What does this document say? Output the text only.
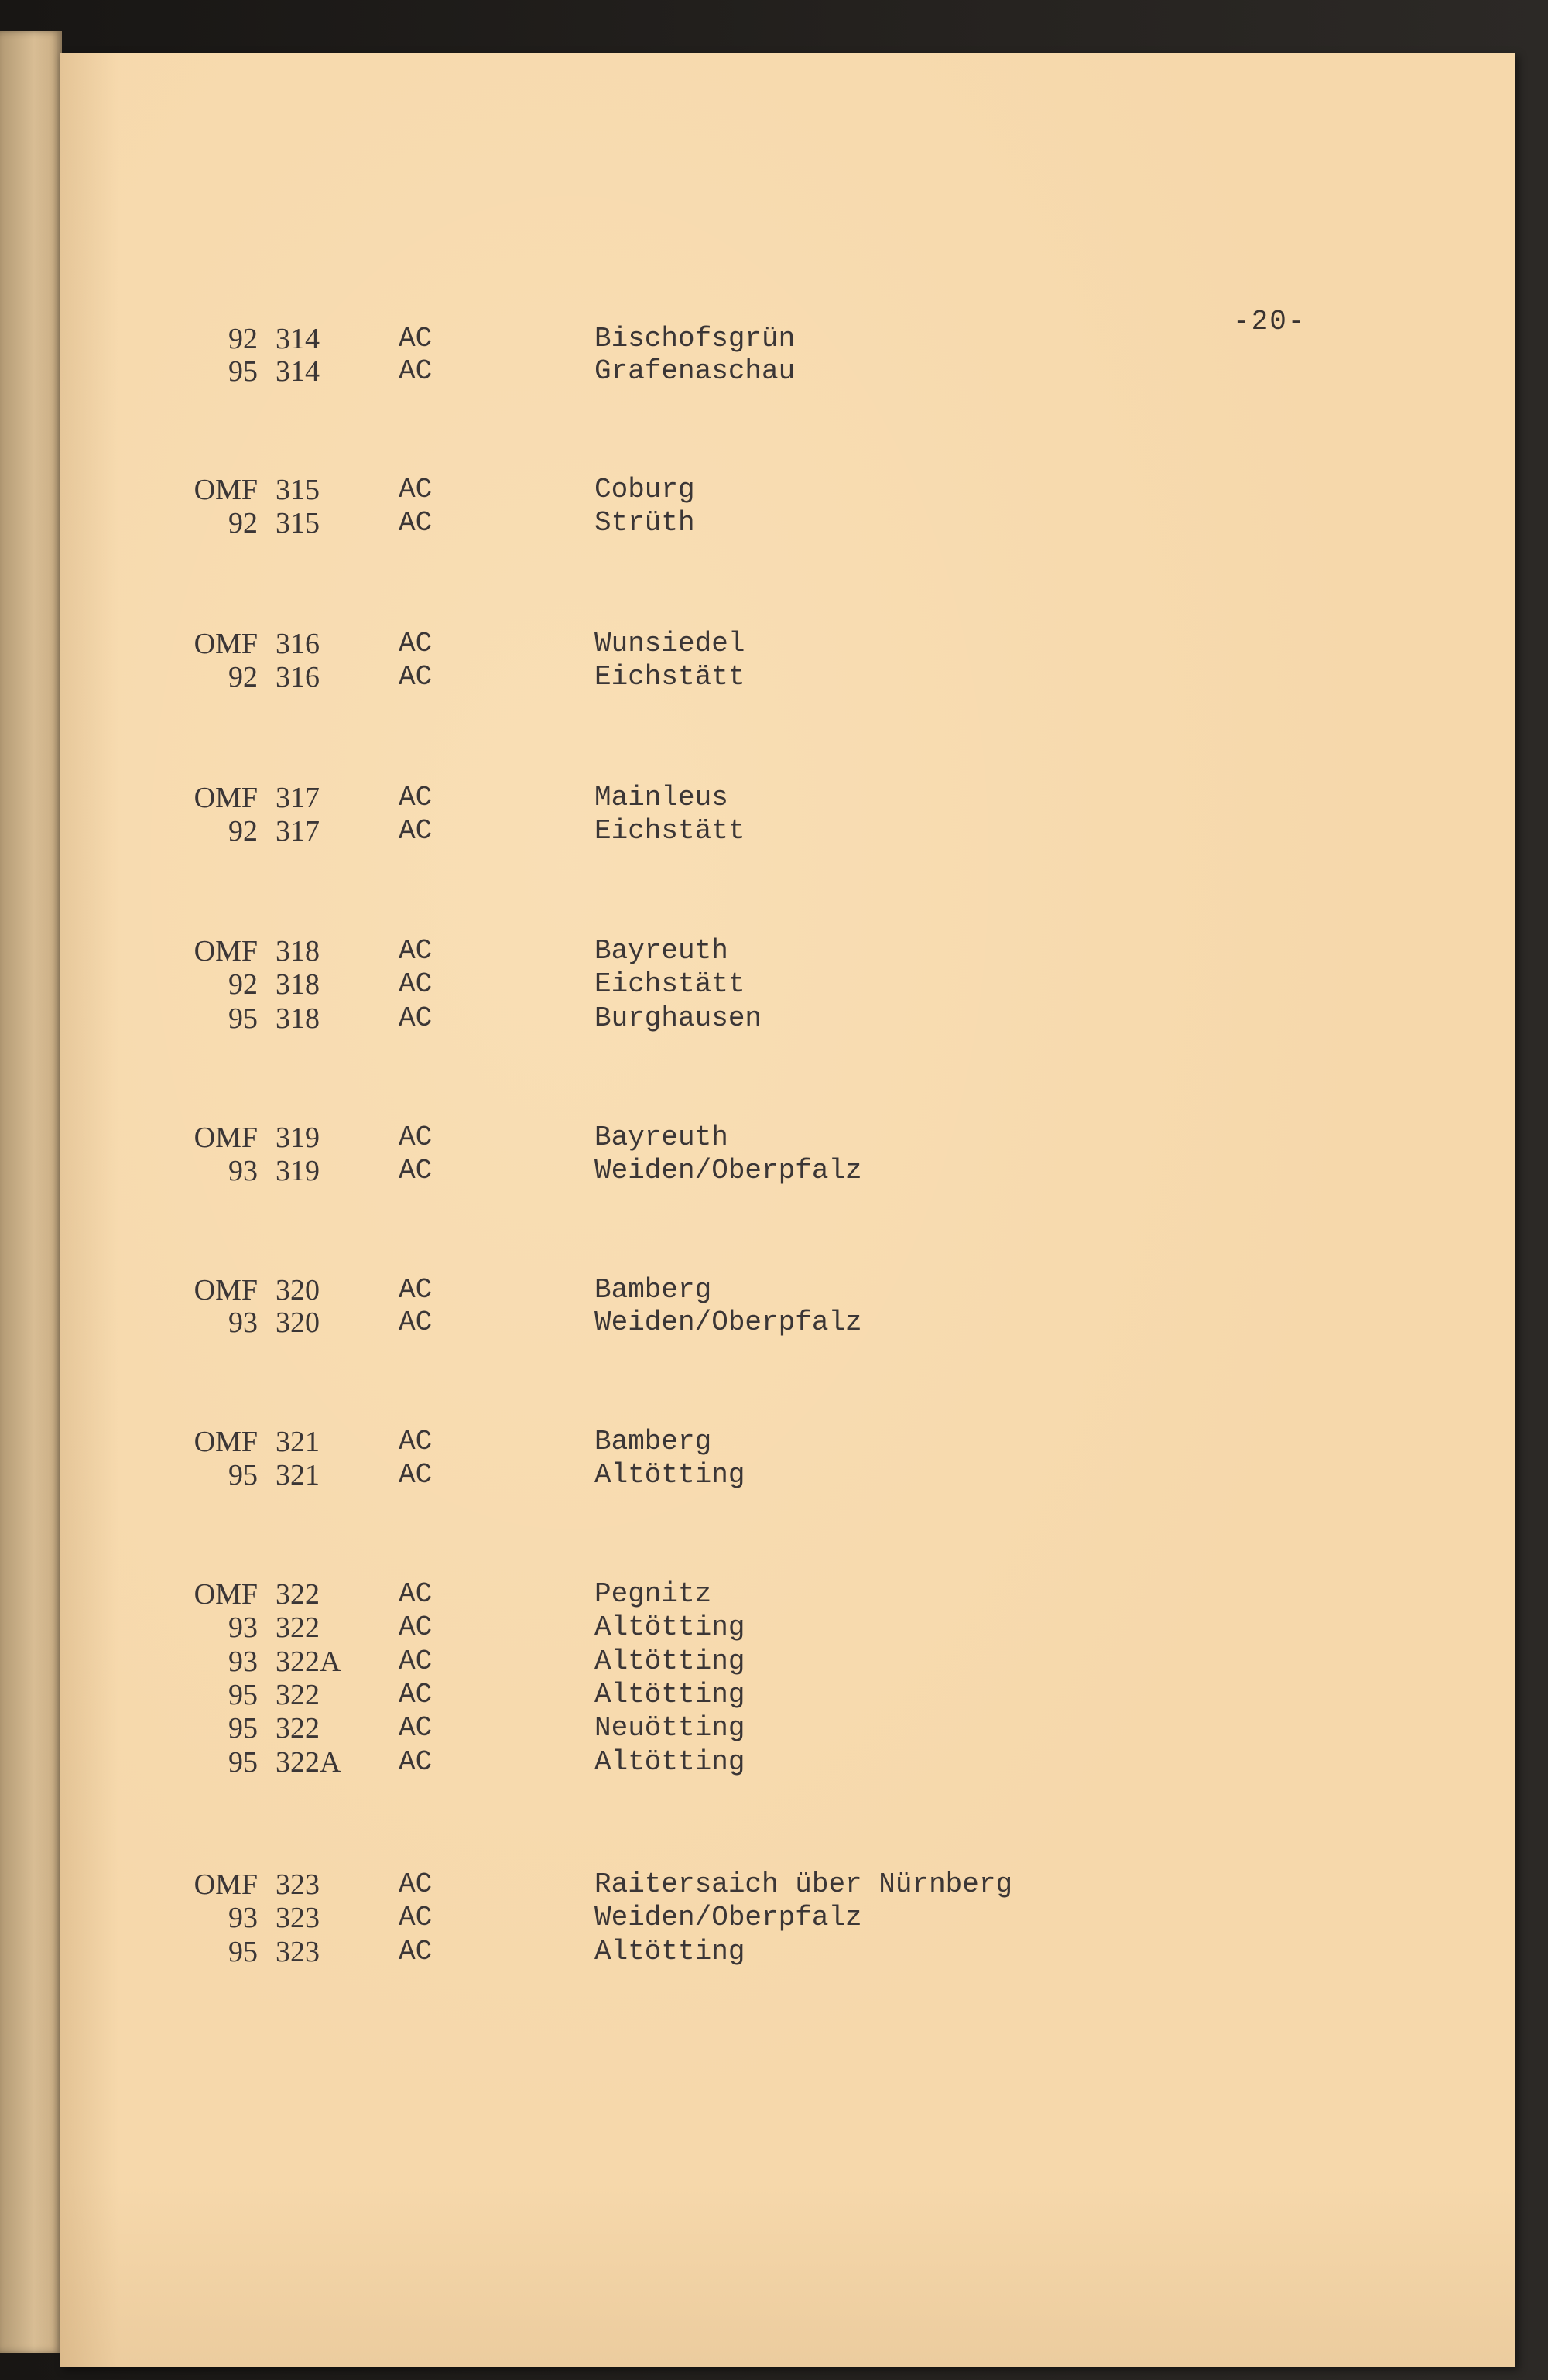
-20-
92 314	AC	Bischofsgrün
95 314	AC	Grafenaschau
OMF 315	AC	Coburg
92 315	AC	Strüth
OMF 316	AC	Wunsiedel
92 316	AC	Eichstätt
OMF 317	AC	Mainleus
92 317	AC	Eichstätt
OMF 318	AC	Bayreuth
92 318	AC	Eichstätt
95 318	AC	Burghausen
OMF 319	AC	Bayreuth
93 319	AC	Weiden/Oberpfalz
OMF 320	AC	Bamberg
93 320	AC	Weiden/Oberpfalz
OMF 321	AC	Bamberg
95 321	AC	Altötting
OMF 322	AC	Pegnitz
93 322	AC	Altötting
93 322A AC	Altötting
95 322	AC	Altötting
95 322	AC	Neuötting
95 322A AC	Altötting
OMF 323	AC	Raitersaich über Nürnberg
93 323	AC	Weiden/Oberpfalz
95 323	AC	Altötting
